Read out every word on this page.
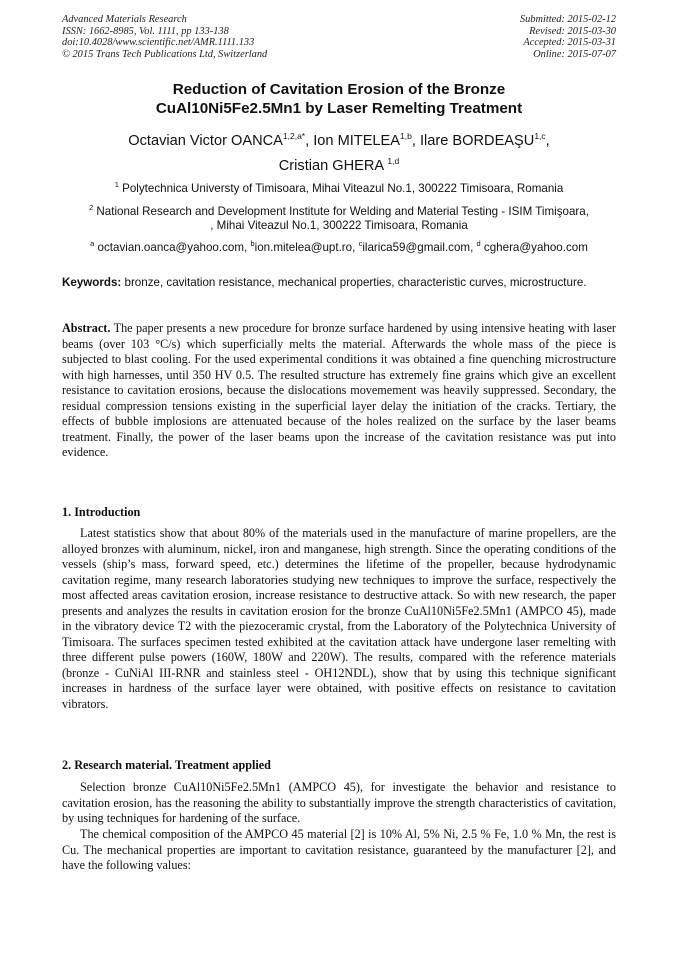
Advanced Materials Research
ISSN: 1662-8985, Vol. 1111, pp 133-138
doi:10.4028/www.scientific.net/AMR.1111.133
© 2015 Trans Tech Publications Ltd, Switzerland
Submitted: 2015-02-12
Revised: 2015-03-30
Accepted: 2015-03-31
Online: 2015-07-07
Reduction of Cavitation Erosion of the Bronze
CuAl10Ni5Fe2.5Mn1 by Laser Remelting Treatment
Octavian Victor $OANCA^{1,2,a*}$, Ion MITELEA$^{1,b}$, Ilare BORDEAŞU$^{1,c}$,
Cristian GHERA $^{1,d}$
$^1$ Polytechnica Universty of Timisoara, Mihai Viteazul No.1, 300222 Timisoara, Romania
$^2$ National Research and Development Institute for Welding and Material Testing - ISIM Timişoara,
, Mihai Viteazul No.1, 300222 Timisoara, Romania
$^a$ octavian.oanca@yahoo.com, $^b$ion.mitelea@upt.ro, $^c$ilarica59@gmail.com, $^d$ cghera@yahoo.com
Keywords: bronze, cavitation resistance, mechanical properties, characteristic curves, microstructure.
Abstract. The paper presents a new procedure for bronze surface hardened by using intensive heating with laser beams (over 103 °C/s) which superficially melts the material. Afterwards the whole mass of the piece is subjected to blast cooling. For the used experimental conditions it was obtained a fine quenching microstructure with high harnesses, until 350 HV 0.5. The resulted structure has extremely fine grains which give an excellent resistance to cavitation erosions, because the dislocations movemement was heavily suppressed. Secondary, the residual compression tensions existing in the superficial layer delay the initiation of the cracks. Tertiary, the effects of bubble implosions are attenuated because of the holes realized on the surface by the laser beams treatment. Finally, the power of the laser beams upon the increase of the cavitation resistance was put into evidence.
1. Introduction
Latest statistics show that about 80% of the materials used in the manufacture of marine propellers, are the alloyed bronzes with aluminum, nickel, iron and manganese, high strength. Since the operating conditions of the vessels (ship’s mass, forward speed, etc.) determines the lifetime of the propeller, because hydrodynamic cavitation regime, many research laboratories studying new techniques to improve the surface, respectively the most affected areas cavitation erosion, increase resistance to destructive attack. So with new research, the paper presents and analyzes the results in cavitation erosion for the bronze CuAl10Ni5Fe2.5Mn1 (AMPCO 45), made in the vibratory device T2 with the piezoceramic crystal, from the Laboratory of the Polytechnica University of Timisoara. The surfaces specimen tested exhibited at the cavitation attack have undergone laser remelting with three different pulse powers (160W, 180W and 220W). The results, compared with the reference materials (bronze - CuNiAl III-RNR and stainless steel - OH12NDL), show that by using this technique significant increases in hardness of the surface layer were obtained, with positive effects on resistance to cavitation vibrators.
2. Research material. Treatment applied
Selection bronze CuAl10Ni5Fe2.5Mn1 (AMPCO 45), for investigate the behavior and resistance to cavitation erosion, has the reasoning the ability to substantially improve the strength characteristics of cavitation, by using techniques for hardening of the surface.
The chemical composition of the AMPCO 45 material [2] is 10% Al, 5% Ni, 2.5 % Fe, 1.0 % Mn, the rest is Cu. The mechanical properties are important to cavitation resistance, guaranteed by the manufacturer [2], and have the following values:
